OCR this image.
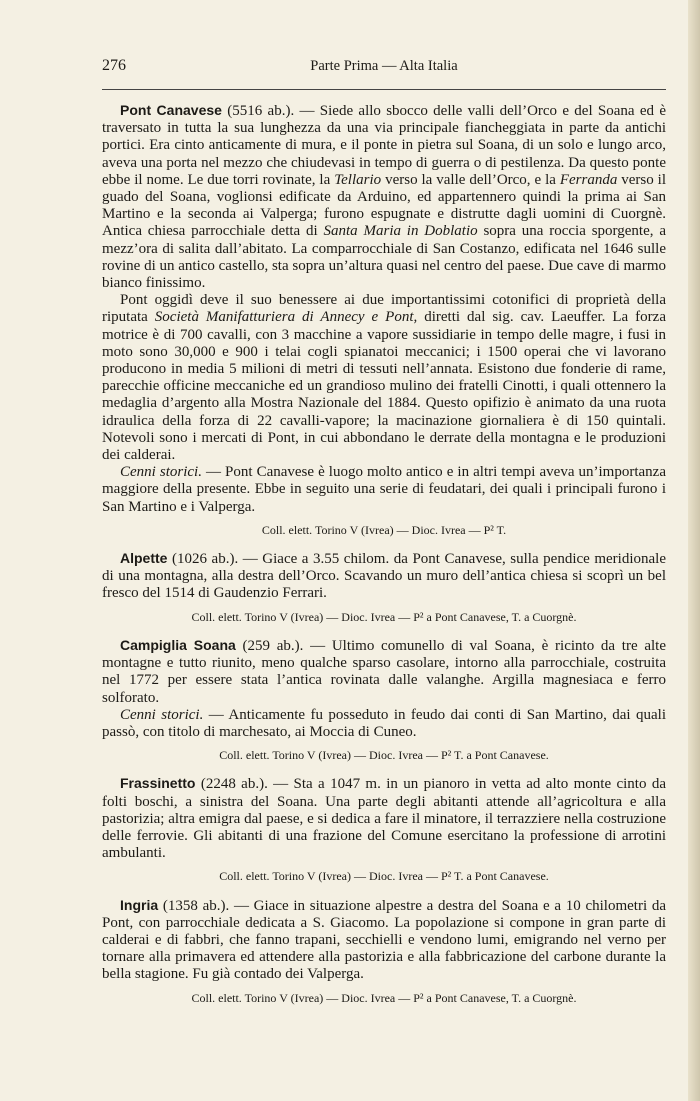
276	Parte Prima — Alta Italia

Pont Canavese (5516 ab.). — Siede allo sbocco delle valli dell’Orco e del Soana ed è traversato in tutta la sua lunghezza da una via principale fiancheggiata in parte da antichi portici. Era cinto anticamente di mura, e il ponte in pietra sul Soana, di un solo e lungo arco, aveva una porta nel mezzo che chiudevasi in tempo di guerra o di pestilenza. Da questo ponte ebbe il nome. Le due torri rovinate, la Tellario verso la valle dell’Orco, e la Ferranda verso il guado del Soana, voglionsi edificate da Arduino, ed appartennero quindi la prima ai San Martino e la seconda ai Valperga; furono espugnate e distrutte dagli uomini di Cuorgnè. Antica chiesa parrocchiale detta di Santa Maria in Doblatio sopra una roccia sporgente, a mezz’ora di salita dall’abitato. La comparrocchiale di San Costanzo, edificata nel 1646 sulle rovine di un antico castello, sta sopra un’altura quasi nel centro del paese. Due cave di marmo bianco finissimo.

Pont oggidì deve il suo benessere ai due importantissimi cotonifici di proprietà della riputata Società Manifatturiera di Annecy e Pont, diretti dal sig. cav. Laeuffer. La forza motrice è di 700 cavalli, con 3 macchine a vapore sussidiarie in tempo delle magre, i fusi in moto sono 30,000 e 900 i telai cogli spianatoi meccanici; i 1500 operai che vi lavorano producono in media 5 milioni di metri di tessuti nell’annata. Esistono due fonderie di rame, parecchie officine meccaniche ed un grandioso mulino dei fratelli Cinotti, i quali ottennero la medaglia d’argento alla Mostra Nazionale del 1884. Questo opifizio è animato da una ruota idraulica della forza di 22 cavalli-vapore; la macinazione giornaliera è di 150 quintali. Notevoli sono i mercati di Pont, in cui abbondano le derrate della montagna e le produzioni dei calderai.

Cenni storici. — Pont Canavese è luogo molto antico e in altri tempi aveva un’importanza maggiore della presente. Ebbe in seguito una serie di feudatari, dei quali i principali furono i San Martino e i Valperga.

Coll. elett. Torino V (Ivrea) — Dioc. Ivrea — P² T.

Alpette (1026 ab.). — Giace a 3.55 chilom. da Pont Canavese, sulla pendice meridionale di una montagna, alla destra dell’Orco. Scavando un muro dell’antica chiesa si scoprì un bel fresco del 1514 di Gaudenzio Ferrari.

Coll. elett. Torino V (Ivrea) — Dioc. Ivrea — P² a Pont Canavese, T. a Cuorgnè.

Campiglia Soana (259 ab.). — Ultimo comunello di val Soana, è ricinto da tre alte montagne e tutto riunito, meno qualche sparso casolare, intorno alla parrocchiale, costruita nel 1772 per essere stata l’antica rovinata dalle valanghe. Argilla magnesiaca e ferro solforato.

Cenni storici. — Anticamente fu posseduto in feudo dai conti di San Martino, dai quali passò, con titolo di marchesato, ai Moccia di Cuneo.

Coll. elett. Torino V (Ivrea) — Dioc. Ivrea — P² T. a Pont Canavese.

Frassinetto (2248 ab.). — Sta a 1047 m. in un pianoro in vetta ad alto monte cinto da folti boschi, a sinistra del Soana. Una parte degli abitanti attende all’agricoltura e alla pastorizia; altra emigra dal paese, e si dedica a fare il minatore, il terrazziere nella costruzione delle ferrovie. Gli abitanti di una frazione del Comune esercitano la professione di arrotini ambulanti.

Coll. elett. Torino V (Ivrea) — Dioc. Ivrea — P² T. a Pont Canavese.

Ingria (1358 ab.). — Giace in situazione alpestre a destra del Soana e a 10 chilometri da Pont, con parrocchiale dedicata a S. Giacomo. La popolazione si compone in gran parte di calderai e di fabbri, che fanno trapani, secchielli e vendono lumi, emigrando nel verno per tornare alla primavera ed attendere alla pastorizia e alla fabbricazione del carbone durante la bella stagione. Fu già contado dei Valperga.

Coll. elett. Torino V (Ivrea) — Dioc. Ivrea — P² a Pont Canavese, T. a Cuorgnè.
